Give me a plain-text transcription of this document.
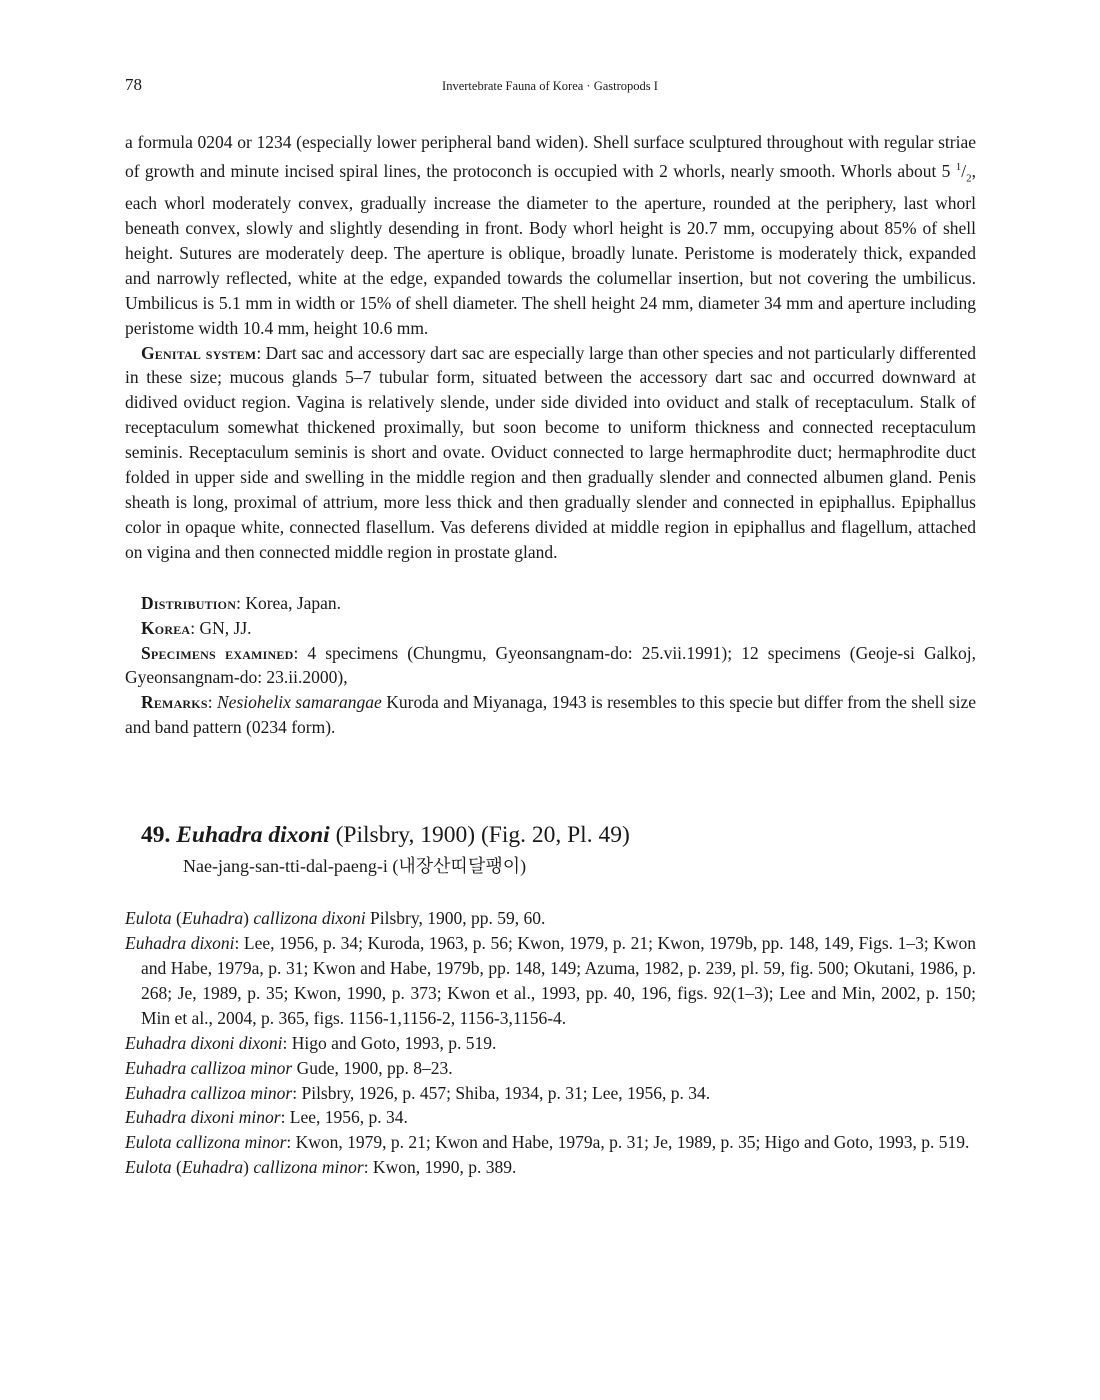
78	Invertebrate Fauna of Korea · Gastropods I

a formula 0204 or 1234 (especially lower peripheral band widen). Shell surface sculptured throughout with regular striae of growth and minute incised spiral lines, the protoconch is occupied with 2 whorls, nearly smooth. Whorls about 5 $^1/_2$, each whorl moderately convex, gradually increase the diameter to the aperture, rounded at the periphery, last whorl beneath convex, slowly and slightly desending in front. Body whorl height is 20.7 mm, occupying about 85% of shell height. Sutures are moderately deep. The aperture is oblique, broadly lunate. Peristome is moderately thick, expanded and narrowly reflected, white at the edge, expanded towards the columellar insertion, but not covering the umbilicus. Umbilicus is 5.1 mm in width or 15% of shell diameter. The shell height 24 mm, diameter 34 mm and aperture including peristome width 10.4 mm, height 10.6 mm.

Genital system: Dart sac and accessory dart sac are especially large than other species and not particularly differented in these size; mucous glands 5–7 tubular form, situated between the accessory dart sac and occurred downward at didived oviduct region. Vagina is relatively slende, under side divided into oviduct and stalk of receptaculum. Stalk of receptaculum somewhat thickened proximally, but soon become to uniform thickness and connected receptaculum seminis. Receptaculum seminis is short and ovate. Oviduct connected to large hermaphrodite duct; hermaphrodite duct folded in upper side and swelling in the middle region and then gradually slender and connected albumen gland. Penis sheath is long, proximal of attrium, more less thick and then gradually slender and connected in epiphallus. Epiphallus color in opaque white, connected flasellum. Vas deferens divided at middle region in epiphallus and flagellum, attached on vigina and then connected middle region in prostate gland.

Distribution: Korea, Japan.

Korea: GN, JJ.

Specimens examined: 4 specimens (Chungmu, Gyeonsangnam-do: 25.vii.1991); 12 specimens (Geoje-si Galkoj, Gyeonsangnam-do: 23.ii.2000),

Remarks: Nesiohelix samarangae Kuroda and Miyanaga, 1943 is resembles to this specie but differ from the shell size and band pattern (0234 form).

49. Euhadra dixoni (Pilsbry, 1900) (Fig. 20, Pl. 49)
Nae-jang-san-tti-dal-paeng-i (내장산띠달팽이)

Eulota (Euhadra) callizona dixoni Pilsbry, 1900, pp. 59, 60.

Euhadra dixoni: Lee, 1956, p. 34; Kuroda, 1963, p. 56; Kwon, 1979, p. 21; Kwon, 1979b, pp. 148, 149, Figs. 1–3; Kwon and Habe, 1979a, p. 31; Kwon and Habe, 1979b, pp. 148, 149; Azuma, 1982, p. 239, pl. 59, fig. 500; Okutani, 1986, p. 268; Je, 1989, p. 35; Kwon, 1990, p. 373; Kwon et al., 1993, pp. 40, 196, figs. 92(1–3); Lee and Min, 2002, p. 150; Min et al., 2004, p. 365, figs. 1156-1,1156-2, 1156-3,1156-4.

Euhadra dixoni dixoni: Higo and Goto, 1993, p. 519.

Euhadra callizoa minor Gude, 1900, pp. 8–23.

Euhadra callizoa minor: Pilsbry, 1926, p. 457; Shiba, 1934, p. 31; Lee, 1956, p. 34.

Euhadra dixoni minor: Lee, 1956, p. 34.

Eulota callizona minor: Kwon, 1979, p. 21; Kwon and Habe, 1979a, p. 31; Je, 1989, p. 35; Higo and Goto, 1993, p. 519.

Eulota (Euhadra) callizona minor: Kwon, 1990, p. 389.
